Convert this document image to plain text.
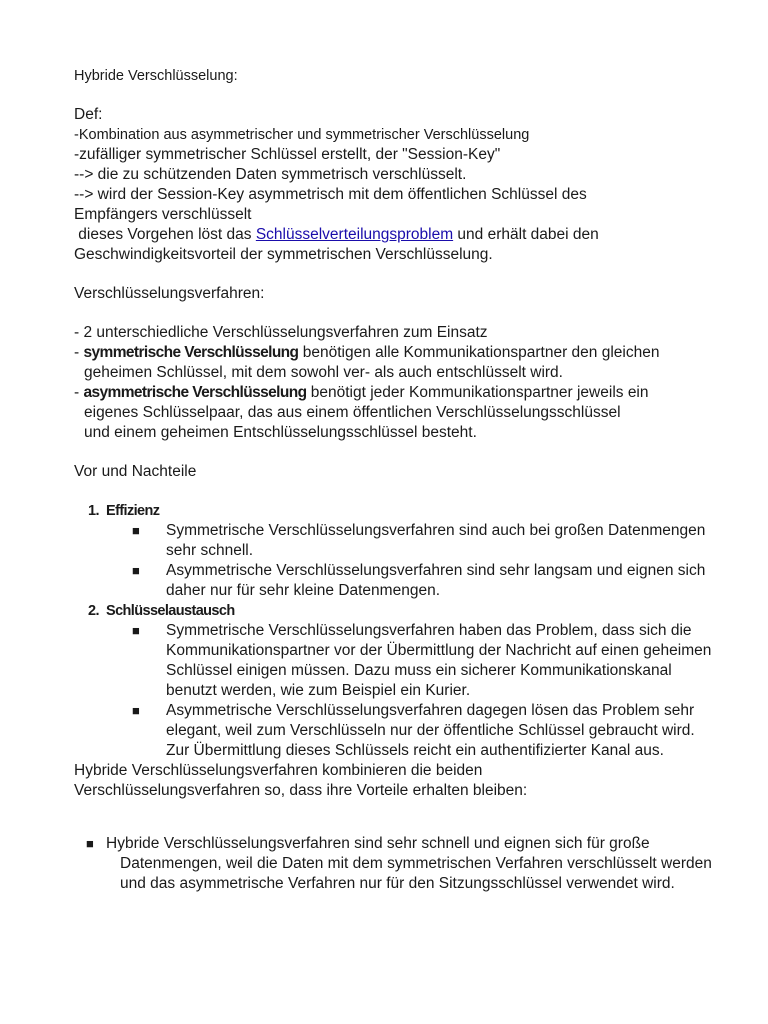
Hybride Verschlüsselung:
Def:
-Kombination aus asymmetrischer und symmetrischer Verschlüsselung
-zufälliger symmetrischer Schlüssel erstellt, der "Session-Key"
--> die zu schützenden Daten symmetrisch verschlüsselt.
--> wird der Session-Key asymmetrisch mit dem öffentlichen Schlüssel des
Empfängers verschlüsselt
dieses Vorgehen löst das Schlüsselverteilungsproblem und erhält dabei den
Geschwindigkeitsvorteil der symmetrischen Verschlüsselung.
Verschlüsselungsverfahren:
- 2 unterschiedliche Verschlüsselungsverfahren zum Einsatz
- symmetrische Verschlüsselung benötigen alle Kommunikationspartner den gleichen
geheimen Schlüssel, mit dem sowohl ver- als auch entschlüsselt wird.
- asymmetrische Verschlüsselung benötigt jeder Kommunikationspartner jeweils ein
eigenes Schlüsselpaar, das aus einem öffentlichen Verschlüsselungsschlüssel
und einem geheimen Entschlüsselungsschlüssel besteht.
Vor und Nachteile
1. Effizienz
■ Symmetrische Verschlüsselungsverfahren sind auch bei großen Datenmengen sehr schnell.
■ Asymmetrische Verschlüsselungsverfahren sind sehr langsam und eignen sich daher nur für sehr kleine Datenmengen.
2. Schlüsselaustausch
■ Symmetrische Verschlüsselungsverfahren haben das Problem, dass sich die Kommunikationspartner vor der Übermittlung der Nachricht auf einen geheimen Schlüssel einigen müssen. Dazu muss ein sicherer Kommunikationskanal benutzt werden, wie zum Beispiel ein Kurier.
■ Asymmetrische Verschlüsselungsverfahren dagegen lösen das Problem sehr elegant, weil zum Verschlüsseln nur der öffentliche Schlüssel gebraucht wird. Zur Übermittlung dieses Schlüssels reicht ein authentifizierter Kanal aus.
Hybride Verschlüsselungsverfahren kombinieren die beiden
Verschlüsselungsverfahren so, dass ihre Vorteile erhalten bleiben:
■ Hybride Verschlüsselungsverfahren sind sehr schnell und eignen sich für große Datenmengen, weil die Daten mit dem symmetrischen Verfahren verschlüsselt werden und das asymmetrische Verfahren nur für den Sitzungsschlüssel verwendet wird.
